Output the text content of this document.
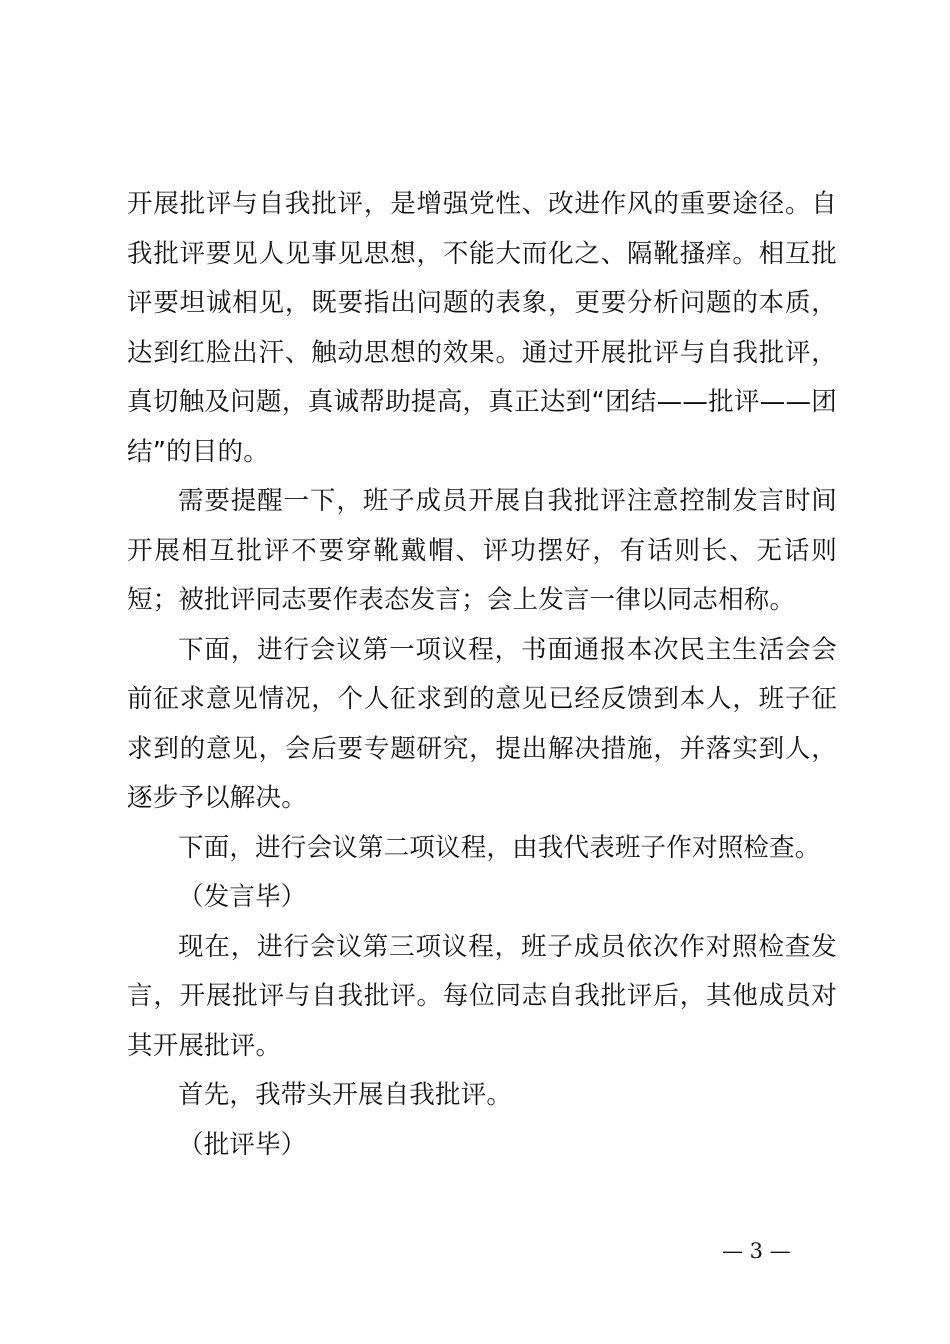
开展批评与自我批评，是增强党性、改进作风的重要途径。自我批评要见人见事见思想，不能大而化之、隔靴搔痒。相互批评要坦诚相见，既要指出问题的表象，更要分析问题的本质，达到红脸出汗、触动思想的效果。通过开展批评与自我批评，真切触及问题，真诚帮助提高，真正达到“团结——批评——团结”的目的。

需要提醒一下，班子成员开展自我批评注意控制发言时间开展相互批评不要穿靴戴帽、评功摆好，有话则长、无话则短；被批评同志要作表态发言；会上发言一律以同志相称。

下面，进行会议第一项议程，书面通报本次民主生活会会前征求意见情况，个人征求到的意见已经反馈到本人，班子征求到的意见，会后要专题研究，提出解决措施，并落实到人，逐步予以解决。

下面，进行会议第二项议程，由我代表班子作对照检查。

（发言毕）

现在，进行会议第三项议程，班子成员依次作对照检查发言，开展批评与自我批评。每位同志自我批评后，其他成员对其开展批评。

首先，我带头开展自我批评。

（批评毕）

— 3 —
